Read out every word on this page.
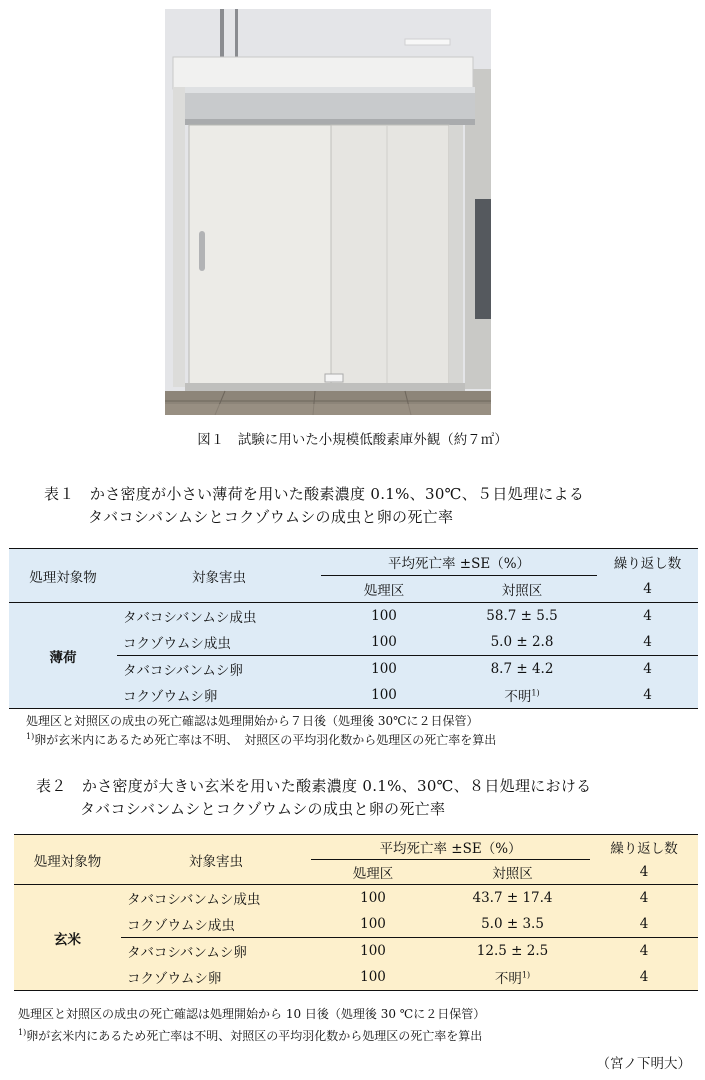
図１　試験に用いた小規模低酸素庫外観（約７㎡）
表１　かさ密度が小さい薄荷を用いた酸素濃度 0.1%、30℃、５日処理による
タバコシバンムシとコクゾウムシの成虫と卵の死亡率
処理対象物	対象害虫	平均死亡率 ±SE（%）		繰り返し数
		処理区	対照区	4
薄荷	タバコシバンムシ成虫	100	58.7 ± 5.5	4
	コクゾウムシ成虫	100	5.0 ± 2.8	4
	タバコシバンムシ卵	100	8.7 ± 4.2	4
	コクゾウムシ卵	100	不明$^{1)}$	4
処理区と対照区の成虫の死亡確認は処理開始から７日後（処理後 30℃に２日保管）
$^{1)}$卵が玄米内にあるため死亡率は不明、　対照区の平均羽化数から処理区の死亡率を算出
表２　かさ密度が大きい玄米を用いた酸素濃度 0.1%、30℃、８日処理における
タバコシバンムシとコクゾウムシの成虫と卵の死亡率
処理対象物	対象害虫	平均死亡率 ±SE（%）		繰り返し数
		処理区	対照区	4
玄米	タバコシバンムシ成虫	100	43.7 ± 17.4	4
	コクゾウムシ成虫	100	5.0 ± 3.5	4
	タバコシバンムシ卵	100	12.5 ± 2.5	4
	コクゾウムシ卵	100	不明$^{1)}$	4
処理区と対照区の成虫の死亡確認は処理開始から 10 日後（処理後 30 ℃に２日保管）
$^{1)}$卵が玄米内にあるため死亡率は不明、対照区の平均羽化数から処理区の死亡率を算出
（宮ノ下明大）
